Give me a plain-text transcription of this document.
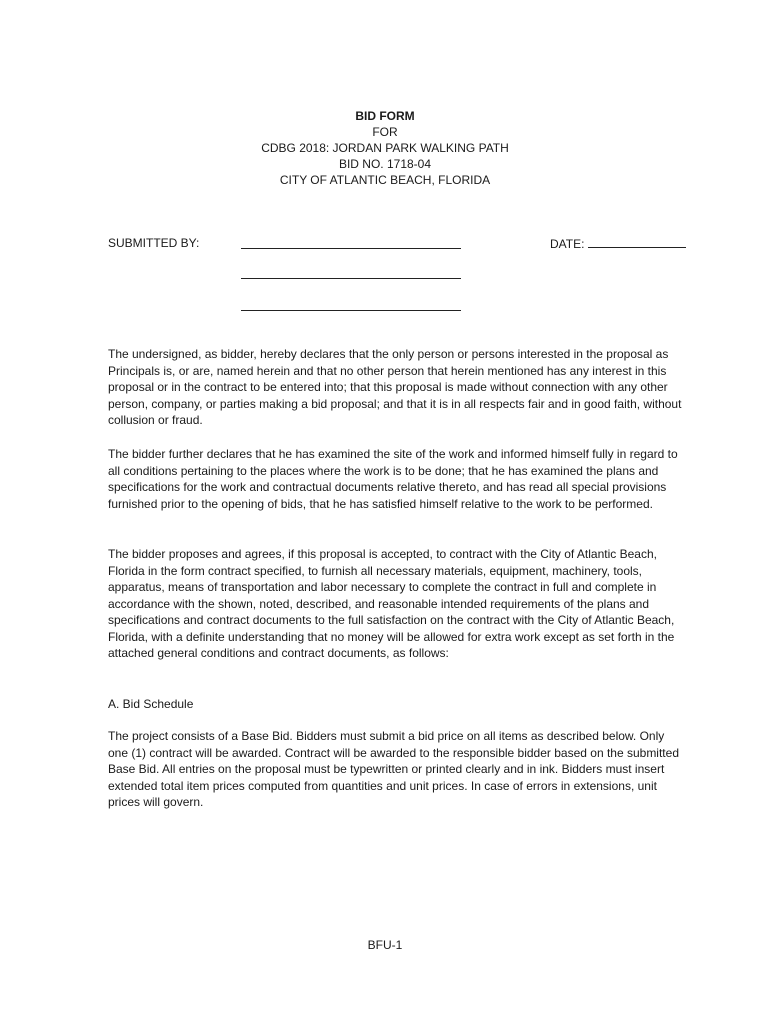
BID FORM
FOR
CDBG 2018: JORDAN PARK WALKING PATH
BID NO. 1718-04
CITY OF ATLANTIC BEACH, FLORIDA
SUBMITTED BY:	DATE:

The undersigned, as bidder, hereby declares that the only person or persons interested in the proposal as Principals is, or are, named herein and that no other person that herein mentioned has any interest in this proposal or in the contract to be entered into; that this proposal is made without connection with any other person, company, or parties making a bid proposal; and that it is in all respects fair and in good faith, without collusion or fraud.

The bidder further declares that he has examined the site of the work and informed himself fully in regard to all conditions pertaining to the places where the work is to be done; that he has examined the plans and specifications for the work and contractual documents relative thereto, and has read all special provisions furnished prior to the opening of bids, that he has satisfied himself relative to the work to be performed.

The bidder proposes and agrees, if this proposal is accepted, to contract with the City of Atlantic Beach, Florida in the form contract specified, to furnish all necessary materials, equipment, machinery, tools, apparatus, means of transportation and labor necessary to complete the contract in full and complete in accordance with the shown, noted, described, and reasonable intended requirements of the plans and specifications and contract documents to the full satisfaction on the contract with the City of Atlantic Beach, Florida, with a definite understanding that no money will be allowed for extra work except as set forth in the attached general conditions and contract documents, as follows:

A. Bid Schedule

The project consists of a Base Bid. Bidders must submit a bid price on all items as described below. Only one (1) contract will be awarded. Contract will be awarded to the responsible bidder based on the submitted Base Bid. All entries on the proposal must be typewritten or printed clearly and in ink. Bidders must insert extended total item prices computed from quantities and unit prices. In case of errors in extensions, unit prices will govern.

BFU-1
